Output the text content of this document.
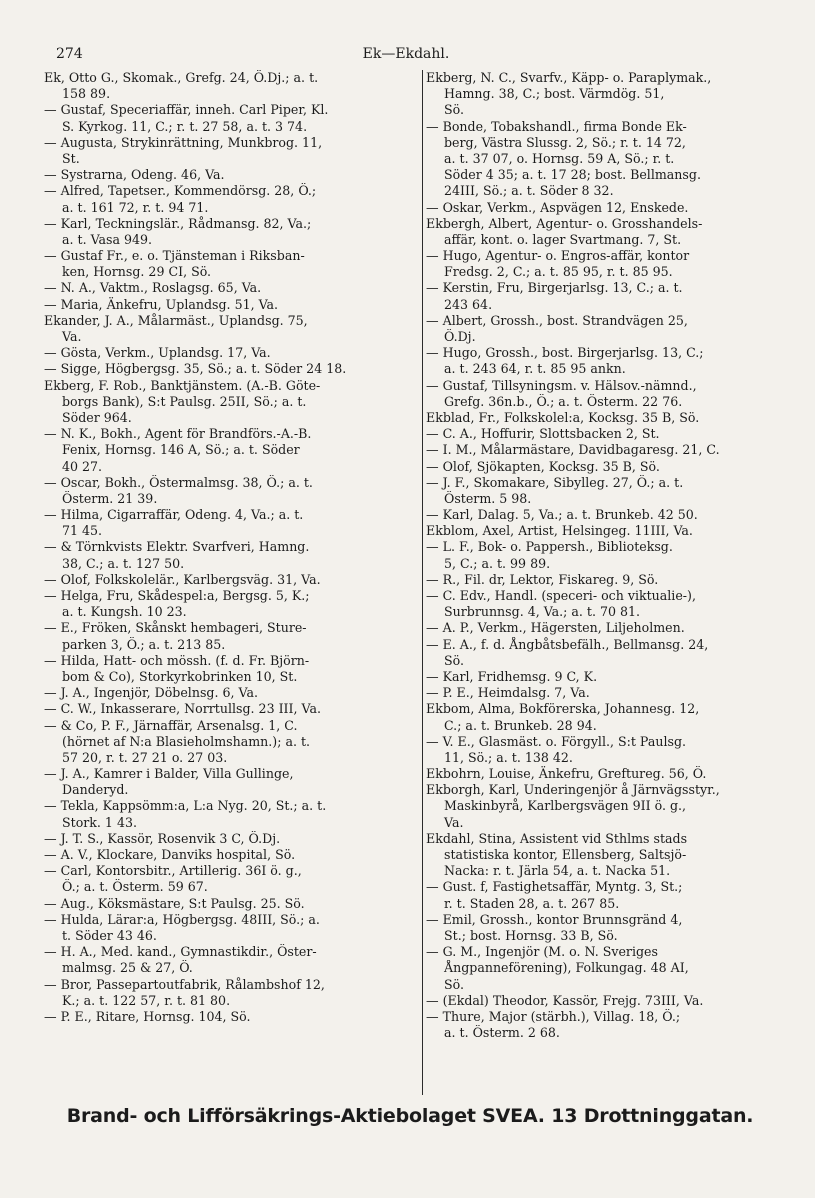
274	Ek—Ekdahl.
Ek, Otto G., Skomak., Grefg. 24, Ö.Dj.; a. t.
158 89.
— Gustaf, Speceriaffär, inneh. Carl Piper, Kl.
S. Kyrkog. 11, C.; r. t. 27 58, a. t. 3 74.
— Augusta, Strykinrättning, Munkbrog. 11,
St.
— Systrarna, Odeng. 46, Va.
— Alfred, Tapetser., Kommendörsg. 28, Ö.;
a. t. 161 72, r. t. 94 71.
— Karl, Teckningslär., Rådmansg. 82, Va.;
a. t. Vasa 949.
— Gustaf Fr., e. o. Tjänsteman i Riksban-
ken, Hornsg. 29 CI, Sö.
— N. A., Vaktm., Roslagsg. 65, Va.
— Maria, Änkefru, Uplandsg. 51, Va.
Ekander, J. A., Målarmäst., Uplandsg. 75,
Va.
— Gösta, Verkm., Uplandsg. 17, Va.
— Sigge, Högbergsg. 35, Sö.; a. t. Söder 24 18.
Ekberg, F. Rob., Banktjänstem. (A.-B. Göte-
borgs Bank), S:t Paulsg. 25II, Sö.; a. t.
Söder 964.
— N. K., Bokh., Agent för Brandförs.-A.-B.
Fenix, Hornsg. 146 A, Sö.; a. t. Söder
40 27.
— Oscar, Bokh., Östermalmsg. 38, Ö.; a. t.
Österm. 21 39.
— Hilma, Cigarraffär, Odeng. 4, Va.; a. t.
71 45.
— & Törnkvists Elektr. Svarfveri, Hamng.
38, C.; a. t. 127 50.
— Olof, Folkskolelär., Karlbergsväg. 31, Va.
— Helga, Fru, Skådespel:a, Bergsg. 5, K.;
a. t. Kungsh. 10 23.
— E., Fröken, Skånskt hembageri, Sture-
parken 3, Ö.; a. t. 213 85.
— Hilda, Hatt- och mössh. (f. d. Fr. Björn-
bom & Co), Storkyrkobrinken 10, St.
— J. A., Ingenjör, Döbelnsg. 6, Va.
— C. W., Inkasserare, Norrtullsg. 23 III, Va.
— & Co, P. F., Järnaffär, Arsenalsg. 1, C.
(hörnet af N:a Blasieholmshamn.); a. t.
57 20, r. t. 27 21 o. 27 03.
— J. A., Kamrer i Balder, Villa Gullinge,
Danderyd.
— Tekla, Kappsömm:a, L:a Nyg. 20, St.; a. t.
Stork. 1 43.
— J. T. S., Kassör, Rosenvik 3 C, Ö.Dj.
— A. V., Klockare, Danviks hospital, Sö.
— Carl, Kontorsbitr., Artillerig. 36I ö. g.,
Ö.; a. t. Österm. 59 67.
— Aug., Köksmästare, S:t Paulsg. 25. Sö.
— Hulda, Lärar:a, Högbergsg. 48III, Sö.; a.
t. Söder 43 46.
— H. A., Med. kand., Gymnastikdir., Öster-
malmsg. 25 & 27, Ö.
— Bror, Passepartoutfabrik, Rålambshof 12,
K.; a. t. 122 57, r. t. 81 80.
— P. E., Ritare, Hornsg. 104, Sö.
Ekberg, N. C., Svarfv., Käpp- o. Paraplymak.,
Hamng. 38, C.; bost. Värmdög. 51,
Sö.
— Bonde, Tobakshandl., firma Bonde Ek-
berg, Västra Slussg. 2, Sö.; r. t. 14 72,
a. t. 37 07, o. Hornsg. 59 A, Sö.; r. t.
Söder 4 35; a. t. 17 28; bost. Bellmansg.
24III, Sö.; a. t. Söder 8 32.
— Oskar, Verkm., Aspvägen 12, Enskede.
Ekbergh, Albert, Agentur- o. Grosshandels-
affär, kont. o. lager Svartmang. 7, St.
— Hugo, Agentur- o. Engros-affär, kontor
Fredsg. 2, C.; a. t. 85 95, r. t. 85 95.
— Kerstin, Fru, Birgerjarlsg. 13, C.; a. t.
243 64.
— Albert, Grossh., bost. Strandvägen 25,
Ö.Dj.
— Hugo, Grossh., bost. Birgerjarlsg. 13, C.;
a. t. 243 64, r. t. 85 95 ankn.
— Gustaf, Tillsyningsm. v. Hälsov.-nämnd.,
Grefg. 36n.b., Ö.; a. t. Österm. 22 76.
Ekblad, Fr., Folkskolel:a, Kocksg. 35 B, Sö.
— C. A., Hoffurir, Slottsbacken 2, St.
— I. M., Målarmästare, Davidbagaresg. 21, C.
— Olof, Sjökapten, Kocksg. 35 B, Sö.
— J. F., Skomakare, Sibylleg. 27, Ö.; a. t.
Österm. 5 98.
— Karl, Dalag. 5, Va.; a. t. Brunkeb. 42 50.
Ekblom, Axel, Artist, Helsingeg. 11III, Va.
— L. F., Bok- o. Pappersh., Biblioteksg.
5, C.; a. t. 99 89.
— R., Fil. dr, Lektor, Fiskareg. 9, Sö.
— C. Edv., Handl. (speceri- och viktualie-),
Surbrunnsg. 4, Va.; a. t. 70 81.
— A. P., Verkm., Hägersten, Liljeholmen.
— E. A., f. d. Ångbåtsbefälh., Bellmansg. 24,
Sö.
— Karl, Fridhemsg. 9 C, K.
— P. E., Heimdalsg. 7, Va.
Ekbom, Alma, Bokförerska, Johannesg. 12,
C.; a. t. Brunkeb. 28 94.
— V. E., Glasmäst. o. Förgyll., S:t Paulsg.
11, Sö.; a. t. 138 42.
Ekbohrn, Louise, Änkefru, Greftureg. 56, Ö.
Ekborgh, Karl, Underingenjör å Järnvägsstyr.,
Maskinbyrå, Karlbergsvägen 9II ö. g.,
Va.
Ekdahl, Stina, Assistent vid Sthlms stads
statistiska kontor, Ellensberg, Saltsjö-
Nacka: r. t. Järla 54, a. t. Nacka 51.
— Gust. f, Fastighetsaffär, Myntg. 3, St.;
r. t. Staden 28, a. t. 267 85.
— Emil, Grossh., kontor Brunnsgränd 4,
St.; bost. Hornsg. 33 B, Sö.
— G. M., Ingenjör (M. o. N. Sveriges
Ångpanneförening), Folkungag. 48 AI,
Sö.
— (Ekdal) Theodor, Kassör, Frejg. 73III, Va.
— Thure, Major (stärbh.), Villag. 18, Ö.;
a. t. Österm. 2 68.
Brand- och Lifförsäkrings-Aktiebolaget SVEA. 13 Drottninggatan.
